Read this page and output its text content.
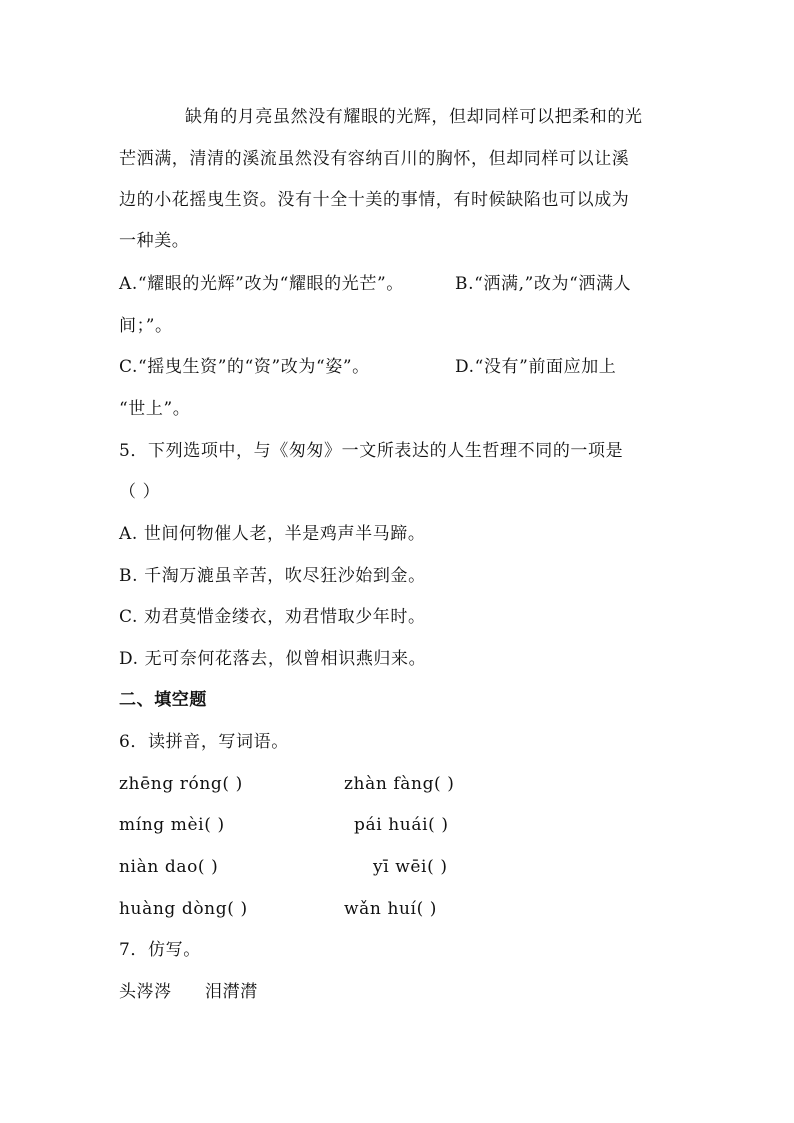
缺角的月亮虽然没有耀眼的光辉，但却同样可以把柔和的光
芒洒满，清清的溪流虽然没有容纳百川的胸怀，但却同样可以让溪
边的小花摇曳生资。没有十全十美的事情，有时候缺陷也可以成为
一种美。
A.“耀眼的光辉”改为“耀眼的光芒”。	B.“洒满,”改为“洒满人
间；”。
C.“摇曳生资”的“资”改为“姿”。	D.“没有”前面应加上
“世上”。
5．下列选项中，与《匆匆》一文所表达的人生哲理不同的一项是
（ ）
A. 世间何物催人老，半是鸡声半马蹄。
B. 千淘万漉虽辛苦，吹尽狂沙始到金。
C. 劝君莫惜金缕衣，劝君惜取少年时。
D. 无可奈何花落去，似曾相识燕归来。
二、填空题
6．读拼音，写词语。
zhēng róng( )	zhàn fàng( )
míng mèi( )	pái huái( )
niàn dao( )	yī wēi( )
huàng dòng( )	wǎn huí( )
7．仿写。
头涔涔 泪潸潸
